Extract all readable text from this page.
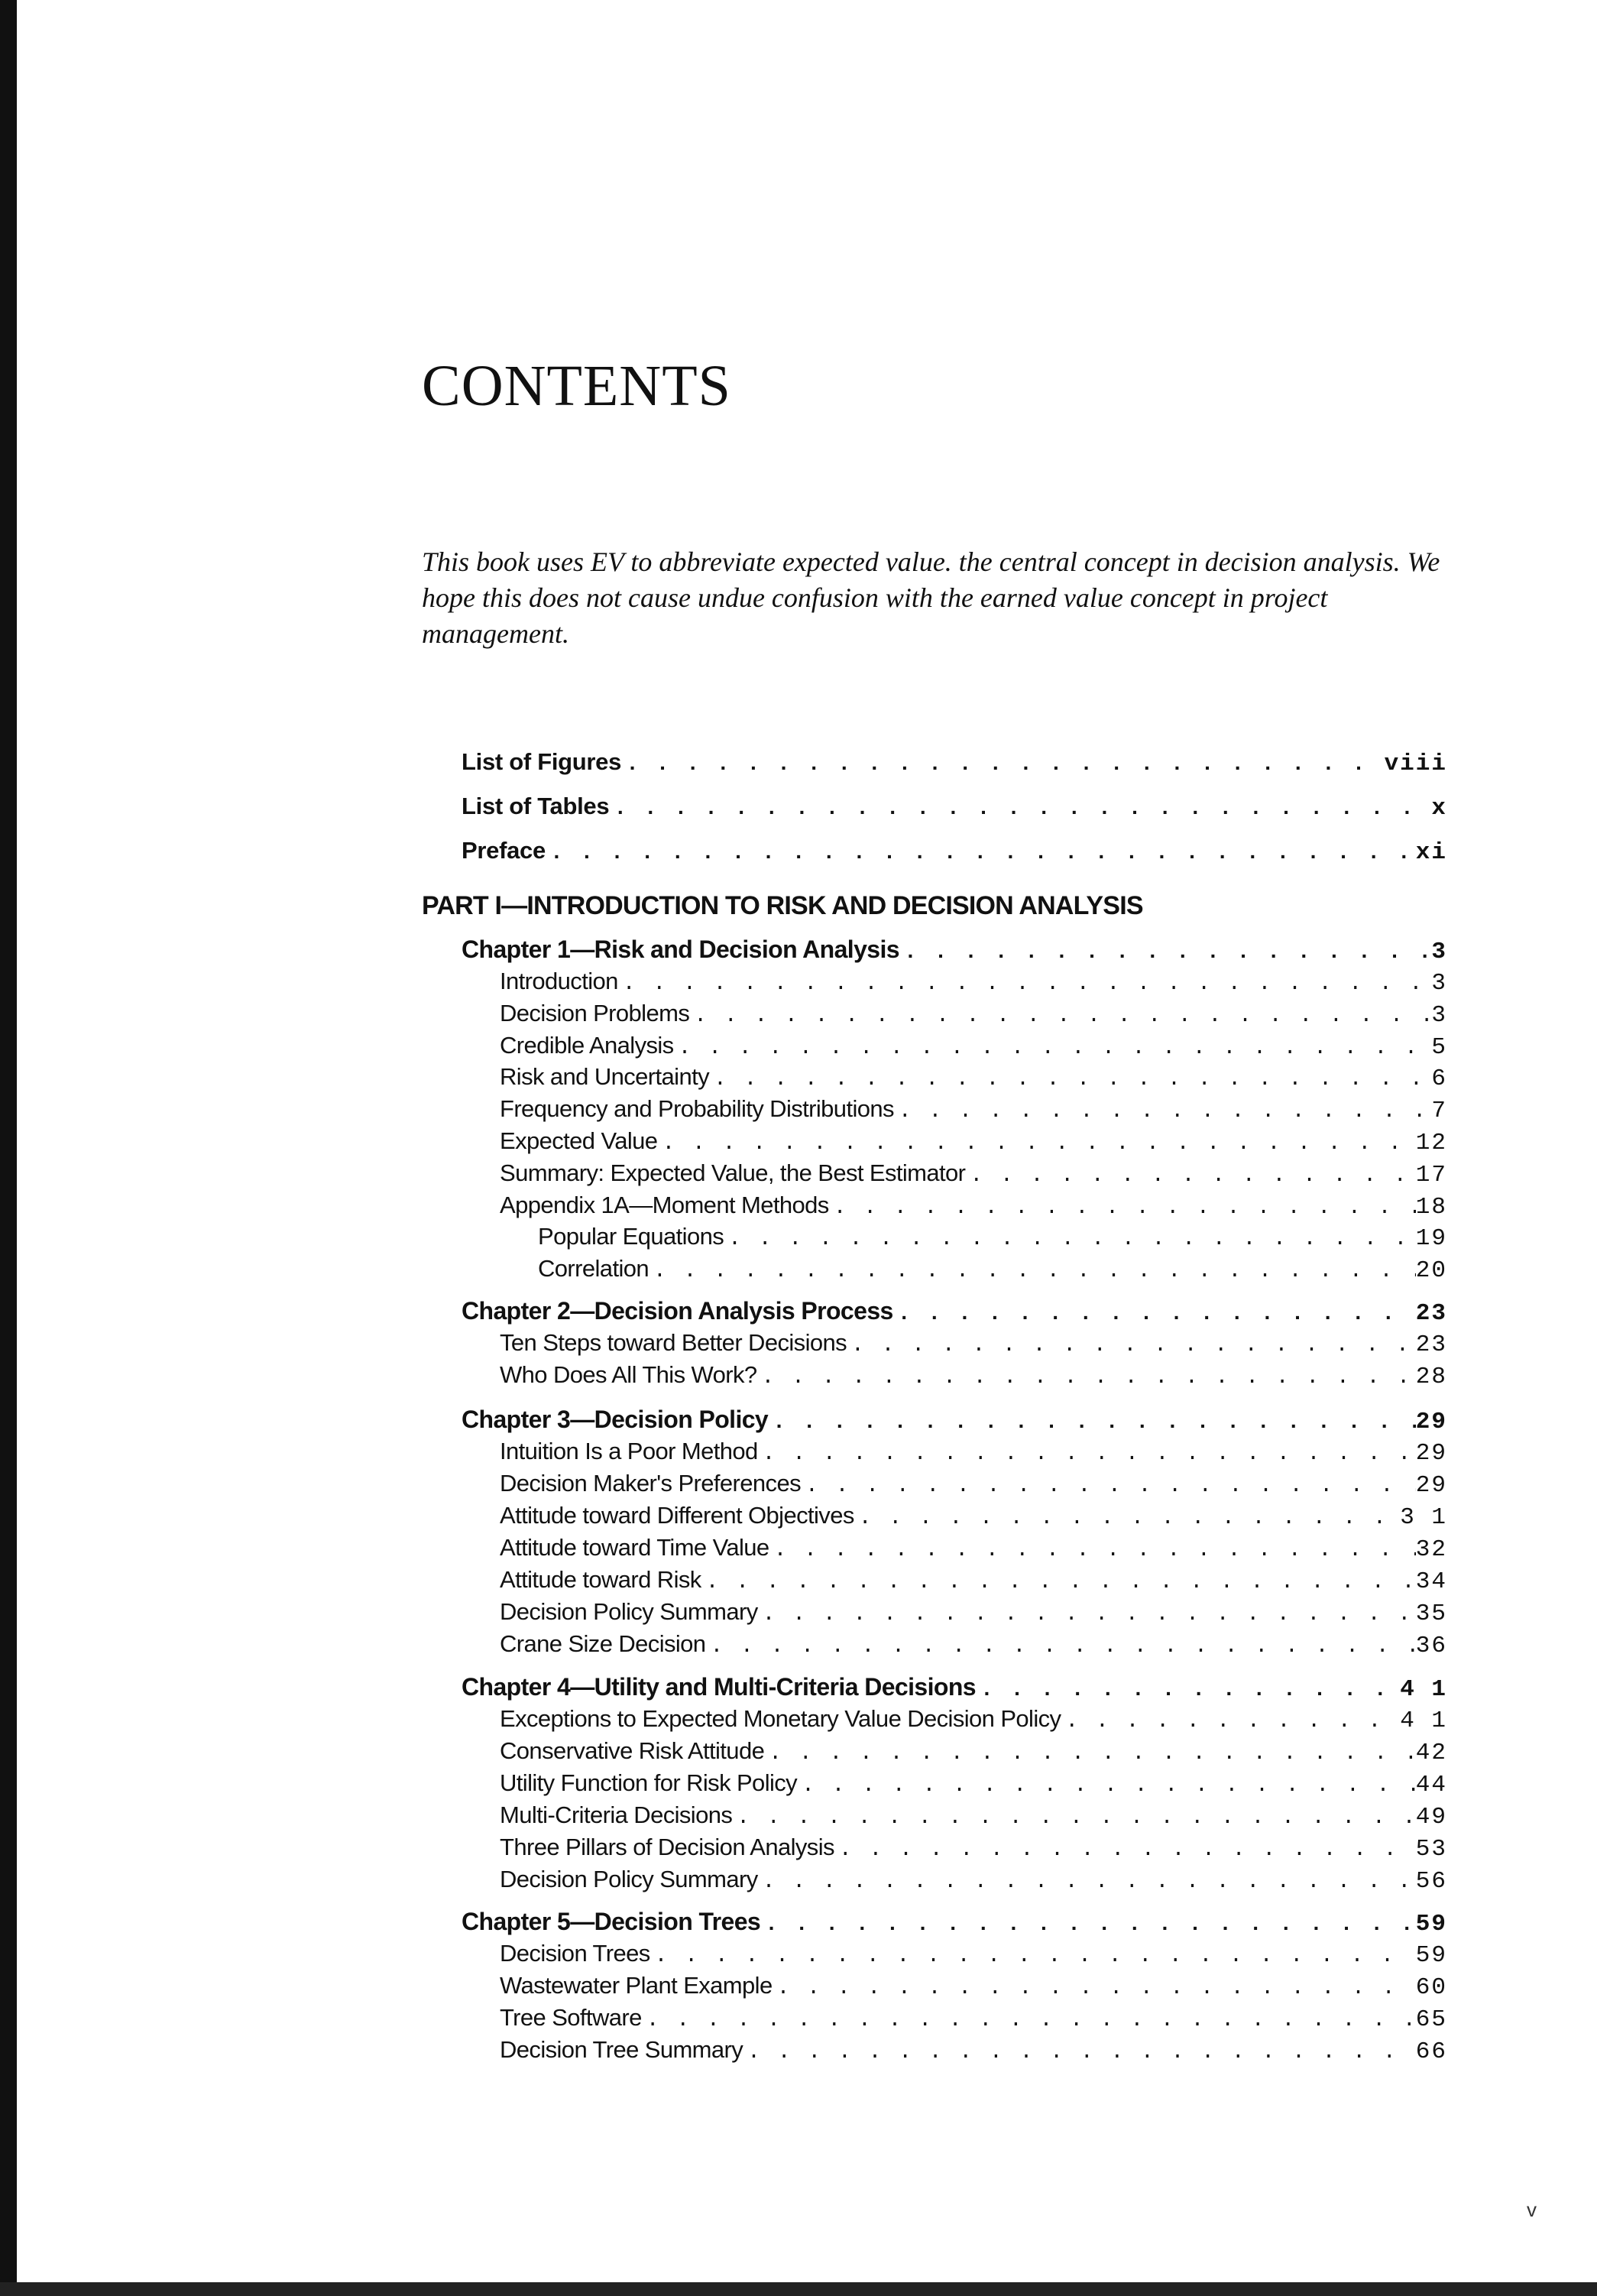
CONTENTS

This book uses EV to abbreviate expected value. the central concept in decision analysis. We hope this does not cause undue confusion with the earned value concept in project management.

List of Figures . . .	viii
List of Tables . . .	x
Preface . . .	xi
PART I—INTRODUCTION TO RISK AND DECISION ANALYSIS
Chapter 1—Risk and Decision Analysis . . .	3
Introduction . . .	3
Decision Problems . . .	3
Credible Analysis . . .	5
Risk and Uncertainty . . .	6
Frequency and Probability Distributions . . .	7
Expected Value . . .	12
Summary: Expected Value, the Best Estimator . . .	17
Appendix 1A—Moment Methods . . .	18
Popular Equations . . .	19
Correlation . . .	20
Chapter 2—Decision Analysis Process . . .	23
Ten Steps toward Better Decisions . . .	23
Who Does All This Work? . . .	28
Chapter 3—Decision Policy . . .	29
Intuition Is a Poor Method . . .	29
Decision Maker's Preferences . . .	29
Attitude toward Different Objectives . . .	3 1
Attitude toward Time Value . . .	32
Attitude toward Risk . . .	34
Decision Policy Summary . . .	35
Crane Size Decision . . .	36
Chapter 4—Utility and Multi-Criteria Decisions . . .	4 1
Exceptions to Expected Monetary Value Decision Policy . . .	4 1
Conservative Risk Attitude . . .	42
Utility Function for Risk Policy . . .	44
Multi-Criteria Decisions . . .	49
Three Pillars of Decision Analysis . . .	53
Decision Policy Summary . . .	56
Chapter 5—Decision Trees . . .	59
Decision Trees . . .	59
Wastewater Plant Example . . .	60
Tree Software . . .	65
Decision Tree Summary . . .	66
v
